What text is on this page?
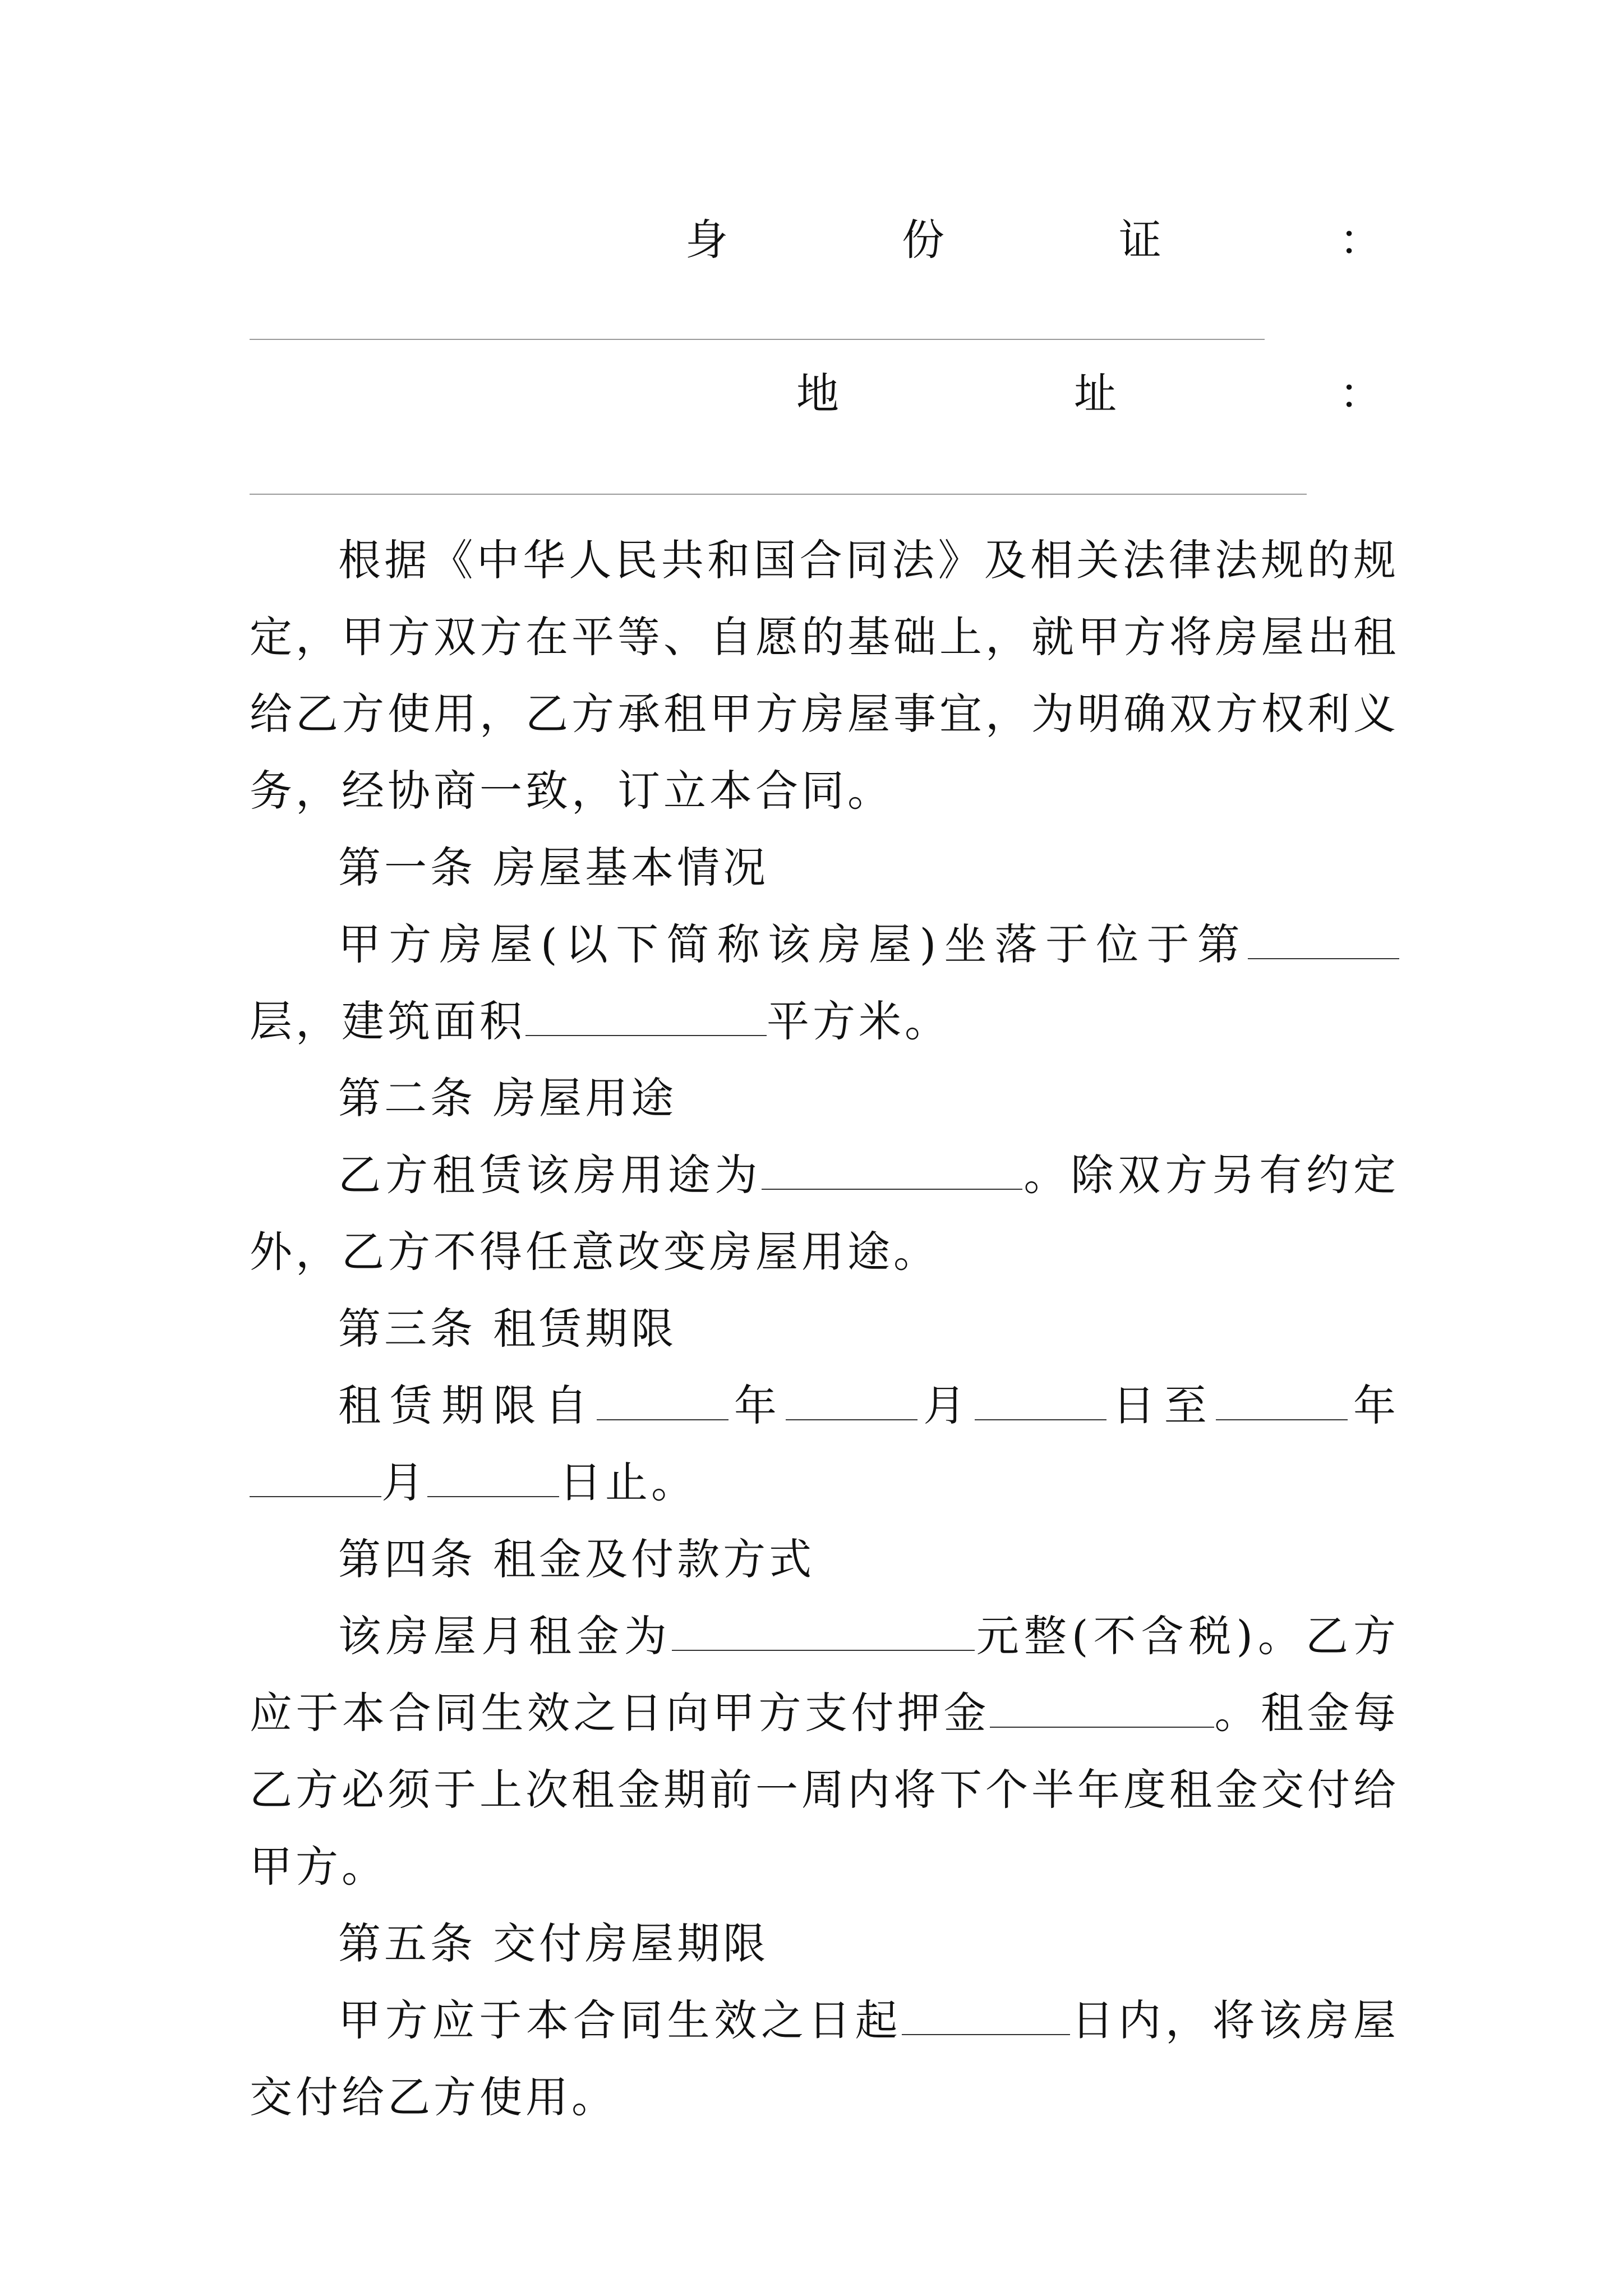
身	份	证	：
地	址	：

根据《中华人民共和国合同法》及相关法律法规的规定，甲方双方在平等、自愿的基础上，就甲方将房屋出租给乙方使用，乙方承租甲方房屋事宜，为明确双方权利义务，经协商一致，订立本合同。

第一条 房屋基本情况

甲方房屋(以下简称该房屋)坐落于位于第层，建筑面积	平方米。

第二条 房屋用途

乙方租赁该房用途为	。除双方另有约定外，乙方不得任意改变房屋用途。

第三条 租赁期限

租赁期限自	年	月	日至	年月	日止。

第四条 租金及付款方式

该房屋月租金为	元整(不含税)。乙方应于本合同生效之日向甲方支付押金	。租金每乙方必须于上次租金期前一周内将下个半年度租金交付给甲方。

第五条 交付房屋期限

甲方应于本合同生效之日起	日内，将该房屋交付给乙方使用。
